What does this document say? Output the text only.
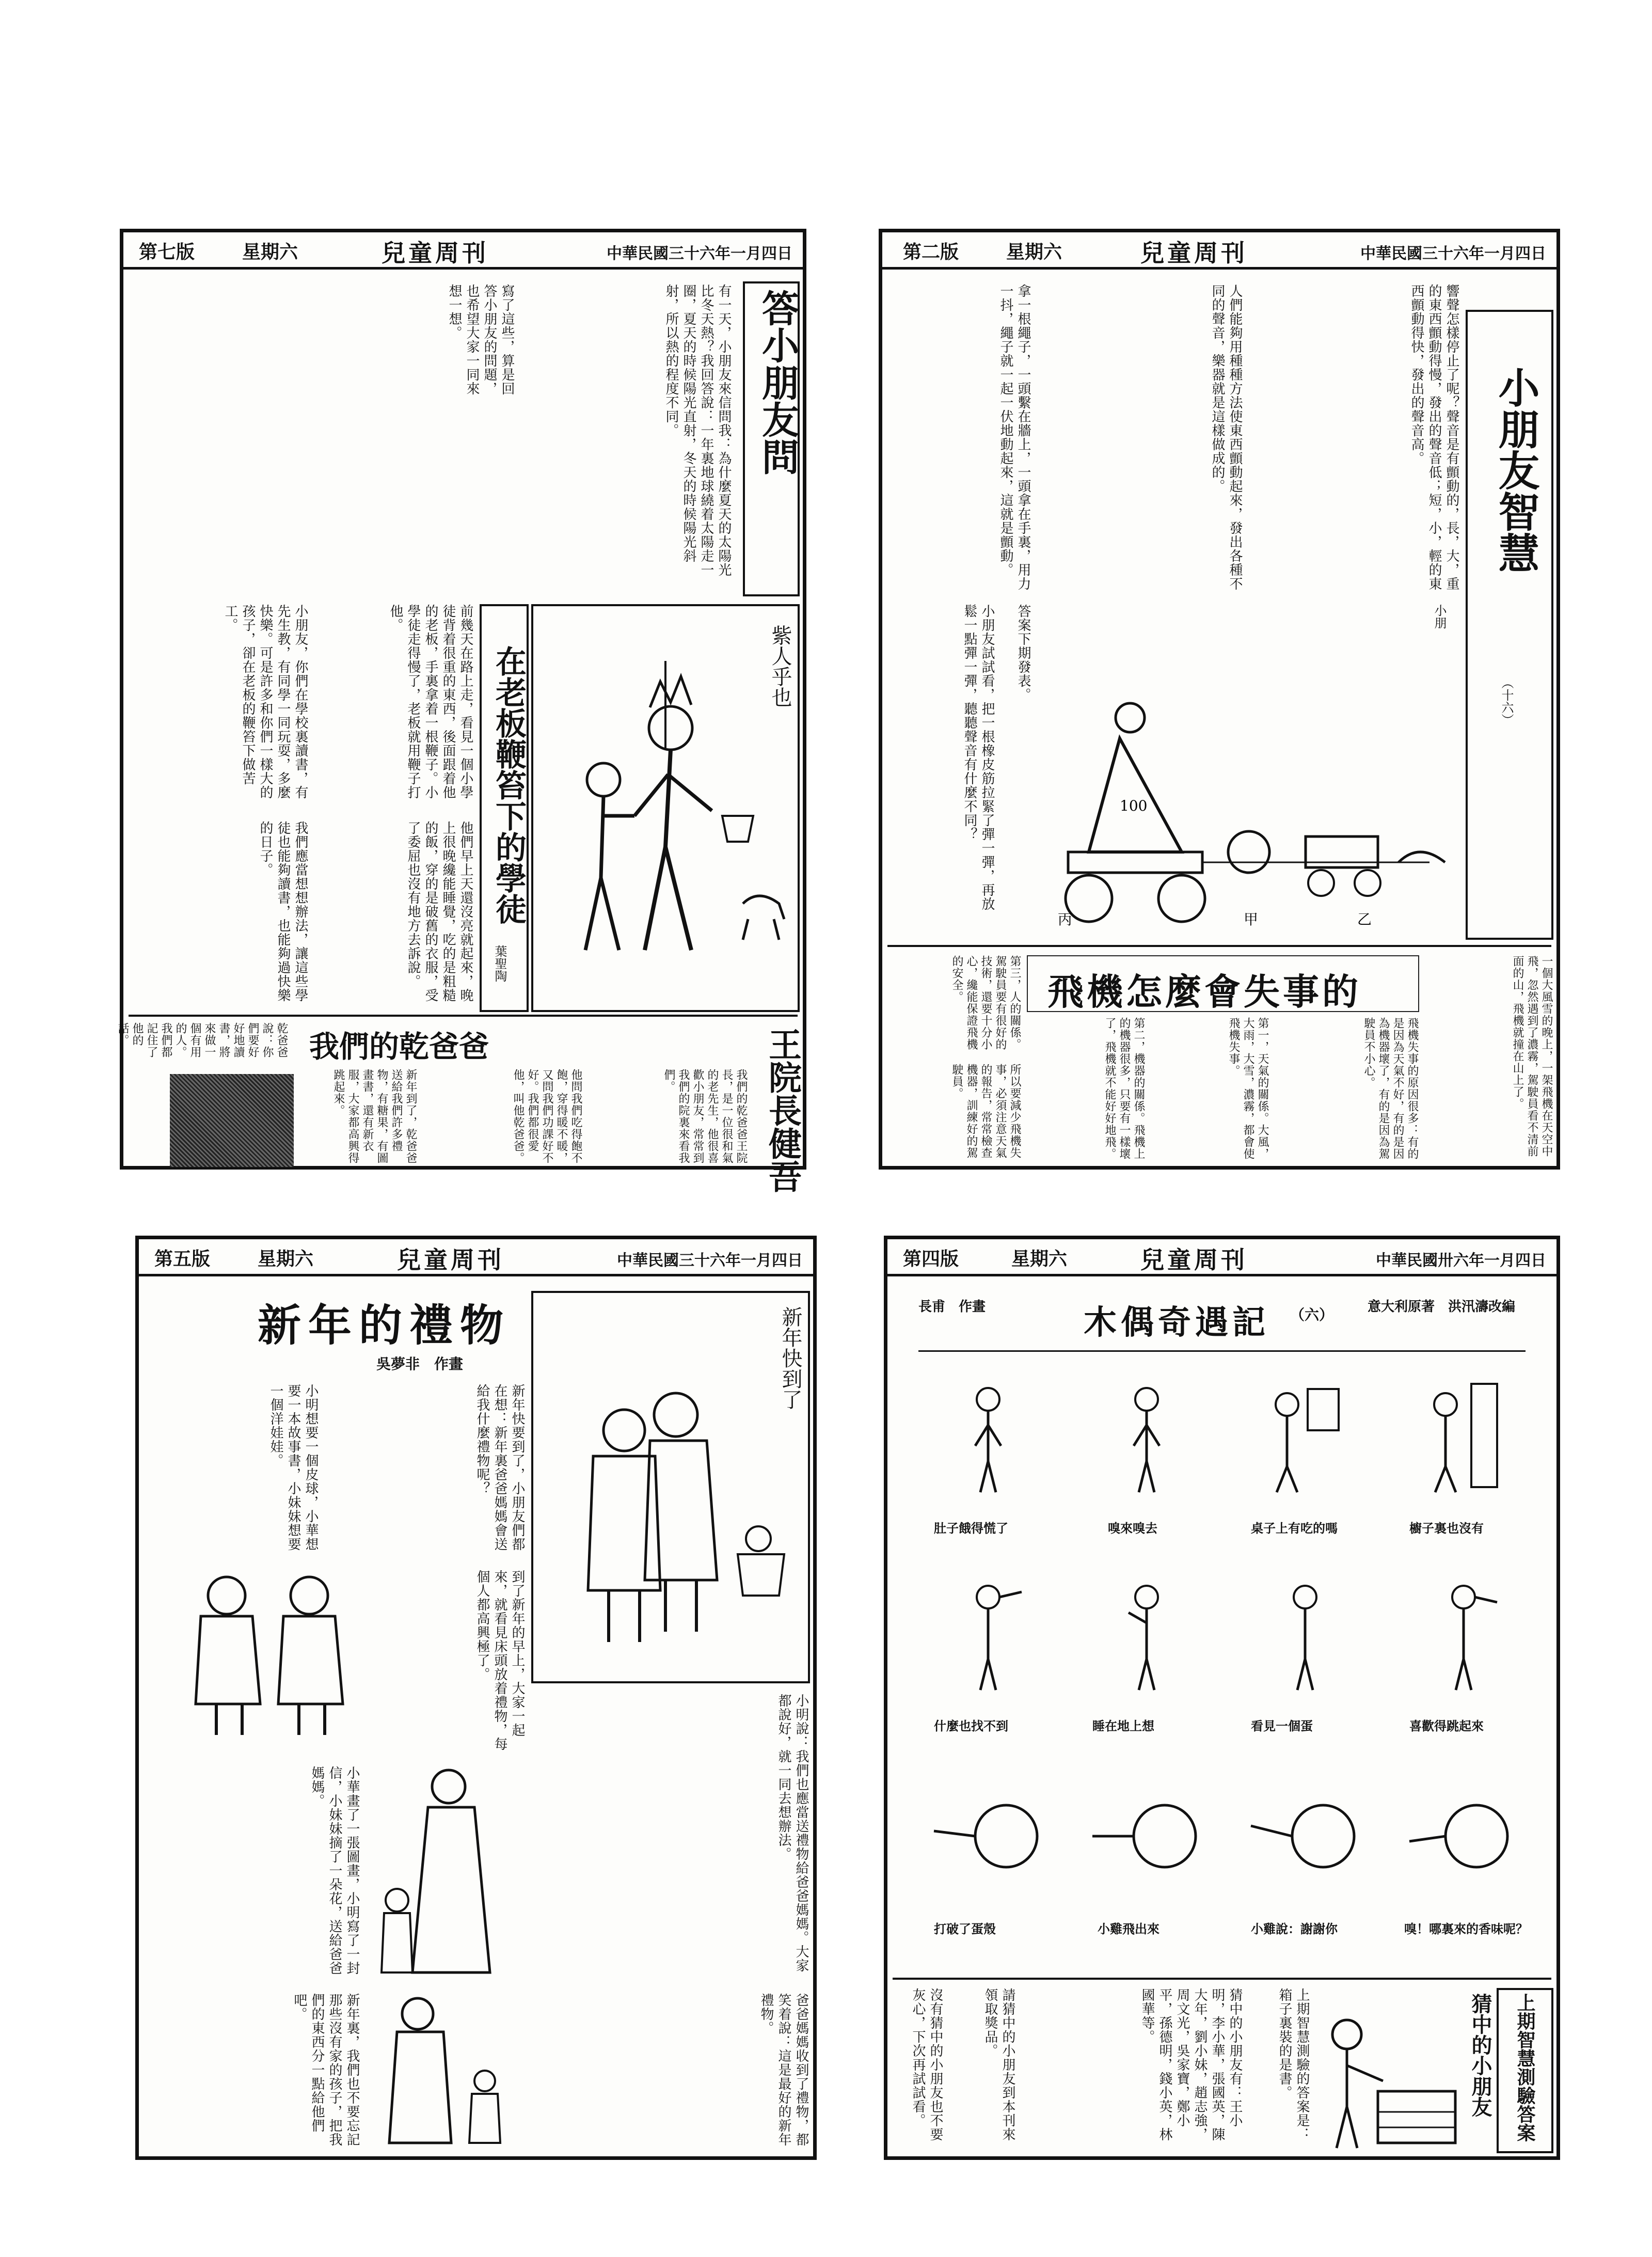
中華民國三十六年一月四日
兒童周刊
星期六
第七版
答小朋友問
有一天，小朋友來信問我：為什麼夏天的太陽光比冬天熱？我回答說：一年裏地球繞着太陽走一圈，夏天的時候陽光直射，冬天的時候陽光斜射，所以熱的程度不同。
寫了這些，算是回答小朋友的問題，也希望大家一同來想一想。
紫人乎也
在老板鞭笞下的學徒
葉聖陶
前幾天在路上走，看見一個小學徒背着很重的東西，後面跟着他的老板，手裏拿着一根鞭子。小學徒走得慢了，老板就用鞭子打他。
小朋友，你們在學校裏讀書，有先生教，有同學一同玩耍，多麼快樂。可是許多和你們一樣大的孩子，卻在老板的鞭笞下做苦工。
他們早上天還沒亮就起來，晚上很晚纔能睡覺，吃的是粗糙的飯，穿的是破舊的衣服，受了委屈也沒有地方去訴說。
我們應當想想辦法，讓這些學徒也能夠讀書，也能夠過快樂的日子。
我們的乾爸爸	王院長健吾
我們的乾爸爸王院長，是一位很和氣的老先生，他很喜歡小朋友，常常到我們的院裏來看我們。
他問我們吃得飽不飽，穿得暖不暖，又問我們功課好不好。我們都很愛他，叫他乾爸爸。
新年到了，乾爸爸送給我們許多禮物，有糖果，有圖畫書，還有新衣服，大家都高興得跳起來。
乾爸爸說：你們要好好地讀書，將來做一個有用的人。我們都記住了他的話。
中華民國三十六年一月四日
兒童周刊
星期六
第二版
小朋友智慧
（十六）
小朋
響聲怎樣停止了呢？聲音是有顫動的，長，大，重的東西顫動得慢，發出的聲音低；短，小，輕的東西顫動得快，發出的聲音高。
人們能夠用種種方法使東西顫動起來，發出各種不同的聲音，樂器就是這樣做成的。
拿一根繩子，一頭繫在牆上，一頭拿在手裏，用力一抖，繩子就一起一伏地動起來，這就是顫動。
100
丙	甲	乙
小朋友試試看，把一根橡皮筋拉緊了彈一彈，再放鬆一點彈一彈，聽聽聲音有什麼不同？	答案下期發表。
飛機怎麼會失事的	一個大風雪的晚上，一架飛機在天空中飛，忽然遇到了濃霧，駕駛員看不清前面的山，飛機就撞在山上了。
飛機失事的原因很多：有的是因為天氣不好，有的是因為機器壞了，有的是因為駕駛員不小心。
第一，天氣的關係。大風，大雨，大雪，濃霧，都會使飛機失事。
第二，機器的關係。飛機上的機器很多，只要有一樣壞了，飛機就不能好好地飛。
第三，人的關係。駕駛員要有很好的技術，還要十分小心，纔能保證飛機的安全。
所以要減少飛機失事，必須注意天氣的報告，常常檢查機器，訓練好的駕駛員。
中華民國三十六年一月四日
兒童周刊
星期六
第五版
新年的禮物
吳夢非　作畫	新年快到了
新年快要到了，小朋友們都在想：新年裏爸爸媽媽會送給我什麼禮物呢？
小明想要一個皮球，小華想要一本故事書，小妹妹想要一個洋娃娃。
到了新年的早上，大家一起來，就看見床頭放着禮物，每個人都高興極了。
小明說：我們也應當送禮物給爸爸媽媽。大家都說好，就一同去想辦法。
小華畫了一張圖畫，小明寫了一封信，小妹妹摘了一朵花，送給爸爸媽媽。
爸爸媽媽收到了禮物，都笑着說：這是最好的新年禮物。
新年裏，我們也不要忘記那些沒有家的孩子，把我們的東西分一點給他們吧。
中華民國卅六年一月四日
兒童周刊
星期六
第四版
木偶奇遇記 （六）	意大利原著　洪汛濤改編
長甫　作畫
肚子餓得慌了	嗅來嗅去	桌子上有吃的嗎	櫥子裏也沒有
什麼也找不到	睡在地上想	看見一個蛋	喜歡得跳起來
打破了蛋殼	小雞飛出來	小雞說：謝謝你	嗅！哪裏來的香味呢？
上期智慧測驗答案
猜中的小朋友
上期智慧測驗的答案是：箱子裏裝的是書。
猜中的小朋友有：王小明，李小華，張國英，陳大年，劉小妹，趙志強，周文光，吳家寶，鄭小平，孫德明，錢小英，林國華等。
請猜中的小朋友到本刊來領取獎品。
沒有猜中的小朋友也不要灰心，下次再試試看。
